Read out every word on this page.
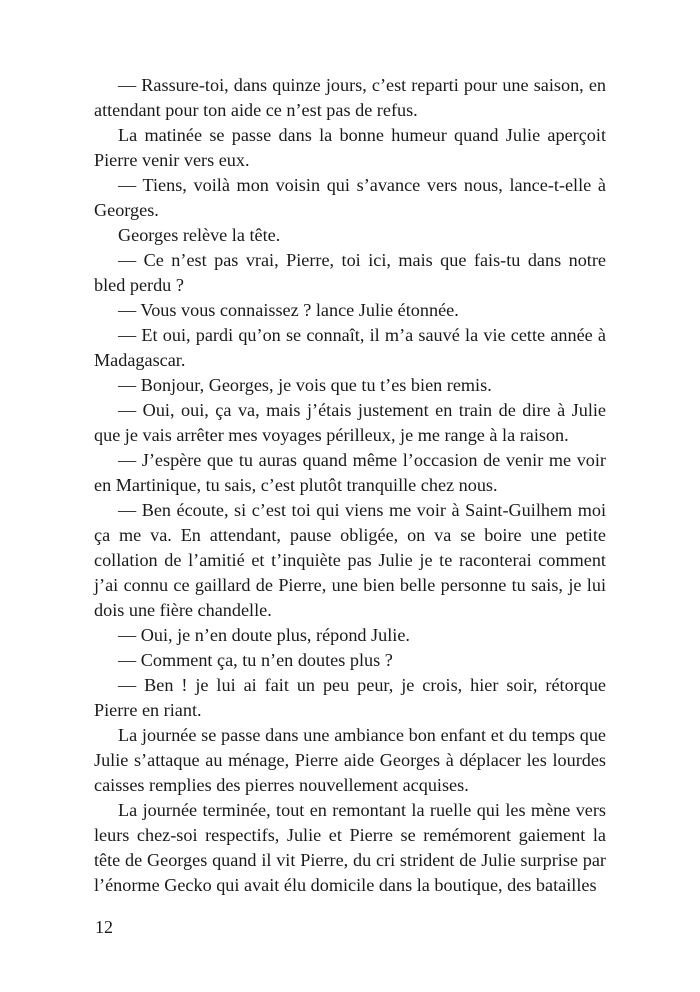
— Rassure-toi, dans quinze jours, c’est reparti pour une saison, en attendant pour ton aide ce n’est pas de refus.

La matinée se passe dans la bonne humeur quand Julie aperçoit Pierre venir vers eux.

— Tiens, voilà mon voisin qui s’avance vers nous, lance-t-elle à Georges.

Georges relève la tête.

— Ce n’est pas vrai, Pierre, toi ici, mais que fais-tu dans notre bled perdu ?

— Vous vous connaissez ? lance Julie étonnée.

— Et oui, pardi qu’on se connaît, il m’a sauvé la vie cette année à Madagascar.

— Bonjour, Georges, je vois que tu t’es bien remis.

— Oui, oui, ça va, mais j’étais justement en train de dire à Julie que je vais arrêter mes voyages périlleux, je me range à la raison.

— J’espère que tu auras quand même l’occasion de venir me voir en Martinique, tu sais, c’est plutôt tranquille chez nous.

— Ben écoute, si c’est toi qui viens me voir à Saint-Guilhem moi ça me va. En attendant, pause obligée, on va se boire une petite collation de l’amitié et t’inquiète pas Julie je te raconterai comment j’ai connu ce gaillard de Pierre, une bien belle personne tu sais, je lui dois une fière chandelle.

— Oui, je n’en doute plus, répond Julie.

— Comment ça, tu n’en doutes plus ?

— Ben ! je lui ai fait un peu peur, je crois, hier soir, rétorque Pierre en riant.

La journée se passe dans une ambiance bon enfant et du temps que Julie s’attaque au ménage, Pierre aide Georges à déplacer les lourdes caisses remplies des pierres nouvellement acquises.

La journée terminée, tout en remontant la ruelle qui les mène vers leurs chez-soi respectifs, Julie et Pierre se remémorent gaiement la tête de Georges quand il vit Pierre, du cri strident de Julie surprise par l’énorme Gecko qui avait élu domicile dans la boutique, des batailles

12
